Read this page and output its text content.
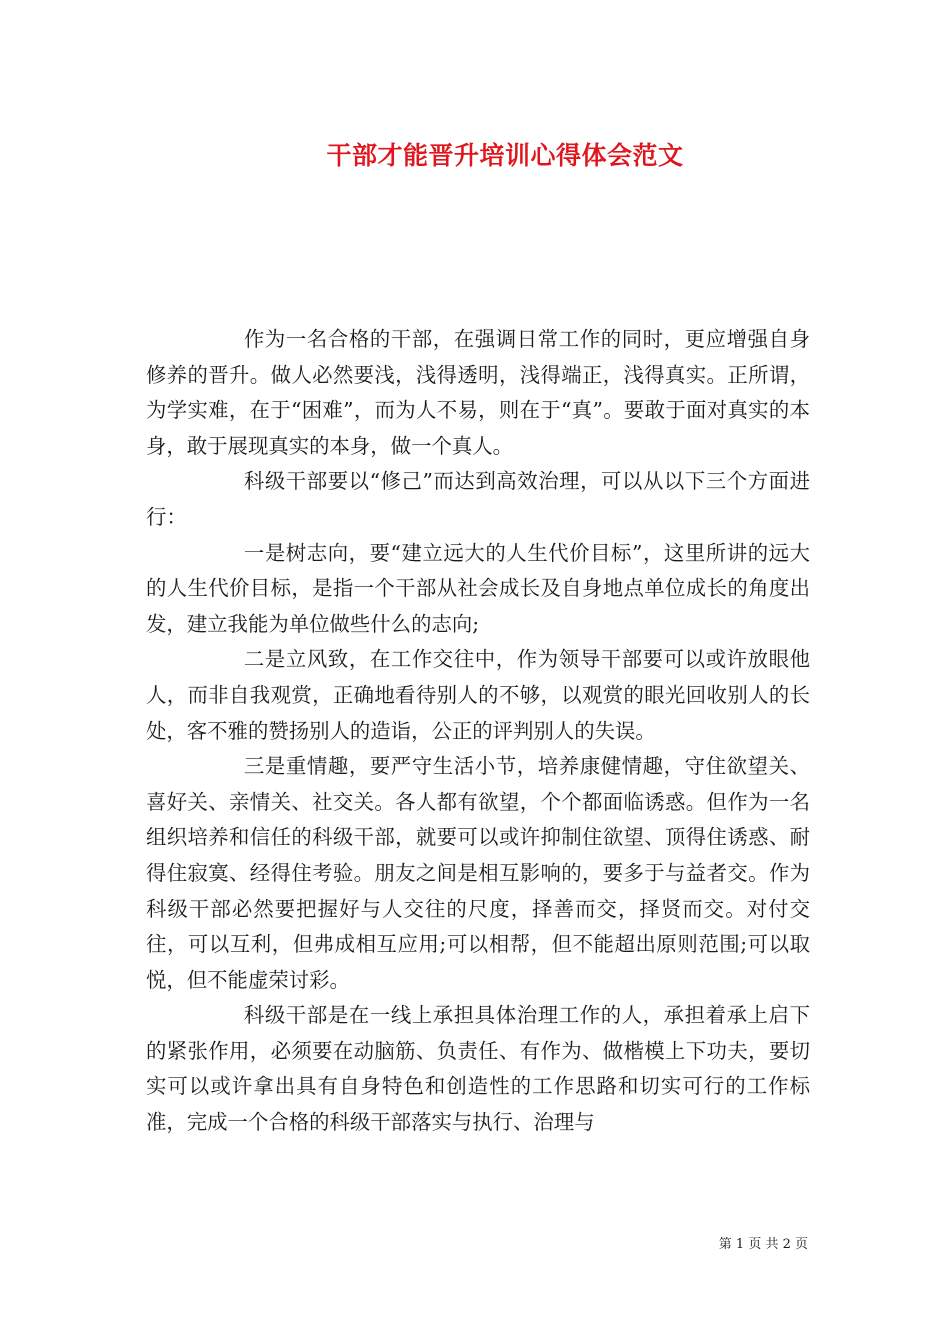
干部才能晋升培训心得体会范文

作为一名合格的干部，在强调日常工作的同时，更应增强自身修养的晋升。做人必然要浅，浅得透明，浅得端正，浅得真实。正所谓，为学实难，在于“困难”，而为人不易，则在于“真”。要敢于面对真实的本身，敢于展现真实的本身，做一个真人。

科级干部要以“修己”而达到高效治理，可以从以下三个方面进行：

一是树志向，要“建立远大的人生代价目标”，这里所讲的远大的人生代价目标，是指一个干部从社会成长及自身地点单位成长的角度出发，建立我能为单位做些什么的志向;

二是立风致，在工作交往中，作为领导干部要可以或许放眼他人，而非自我观赏，正确地看待别人的不够，以观赏的眼光回收别人的长处，客不雅的赞扬别人的造诣，公正的评判别人的失误。

三是重情趣，要严守生活小节，培养康健情趣，守住欲望关、喜好关、亲情关、社交关。各人都有欲望，个个都面临诱惑。但作为一名组织培养和信任的科级干部，就要可以或许抑制住欲望、顶得住诱惑、耐得住寂寞、经得住考验。朋友之间是相互影响的，要多于与益者交。作为科级干部必然要把握好与人交往的尺度，择善而交，择贤而交。对付交往，可以互利，但弗成相互应用;可以相帮，但不能超出原则范围;可以取悦，但不能虚荣讨彩。

科级干部是在一线上承担具体治理工作的人，承担着承上启下的紧张作用，必须要在动脑筋、负责任、有作为、做楷模上下功夫，要切实可以或许拿出具有自身特色和创造性的工作思路和切实可行的工作标准，完成一个合格的科级干部落实与执行、治理与

第 1 页 共 2 页
